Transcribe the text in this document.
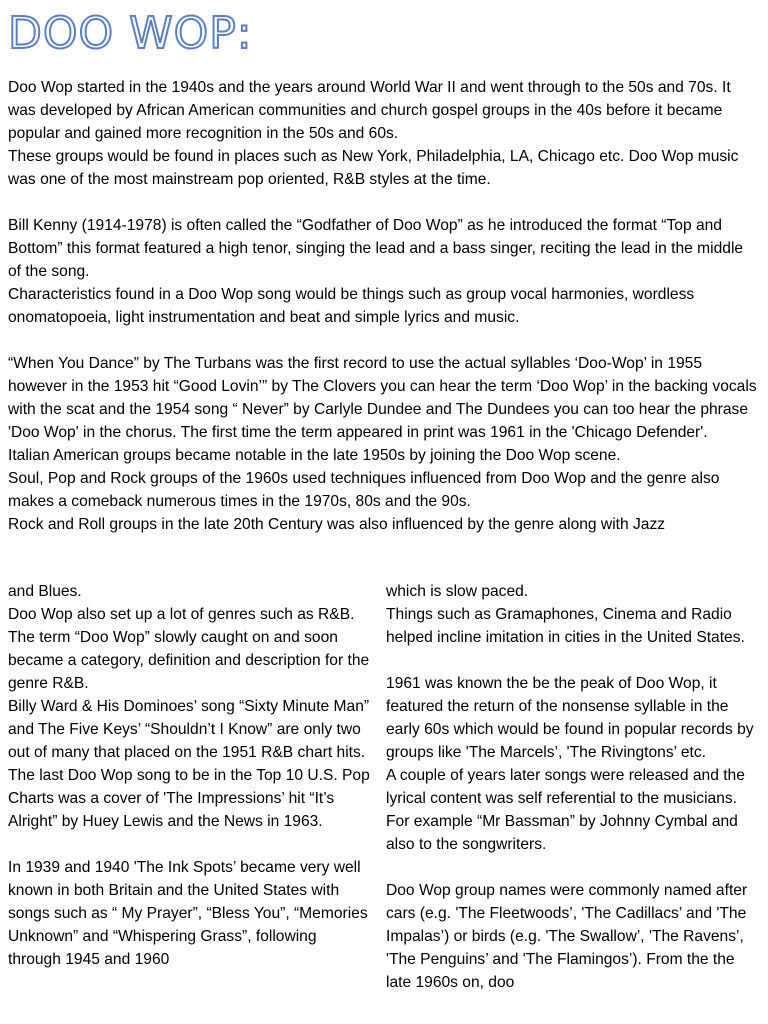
DOO WOP:

Doo Wop started in the 1940s and the years around World War II and went through to the 50s and 70s. It was developed by African American communities and church gospel groups in the 40s before it became popular and gained more recognition in the 50s and 60s.

These groups would be found in places such as New York, Philadelphia, LA, Chicago etc. Doo Wop music was one of the most mainstream pop oriented, R&B styles at the time.

Bill Kenny (1914-1978) is often called the “Godfather of Doo Wop” as he introduced the format “Top and Bottom” this format featured a high tenor, singing the lead and a bass singer, reciting the lead in the middle of the song.

Characteristics found in a Doo Wop song would be things such as group vocal harmonies, wordless onomatopoeia, light instrumentation and beat and simple lyrics and music.

“When You Dance” by The Turbans was the first record to use the actual syllables ‘Doo-Wop’ in 1955 however in the 1953 hit “Good Lovin’” by The Clovers you can hear the term ‘Doo Wop’ in the backing vocals with the scat and the 1954 song “ Never” by Carlyle Dundee and The Dundees you can too hear the phrase 'Doo Wop' in the chorus. The first time the term appeared in print was 1961 in the 'Chicago Defender'.

Italian American groups became notable in the late 1950s by joining the Doo Wop scene.

Soul, Pop and Rock groups of the 1960s used techniques influenced from Doo Wop and the genre also makes a comeback numerous times in the 1970s, 80s and the 90s.

Rock and Roll groups in the late 20th Century was also influenced by the genre along with Jazz

and Blues.

Doo Wop also set up a lot of genres such as R&B.

The term “Doo Wop” slowly caught on and soon became a category, definition and description for the genre R&B.

Billy Ward & His Dominoes’ song “Sixty Minute Man” and The Five Keys’ “Shouldn’t I Know” are only two out of many that placed on the 1951 R&B chart hits.

The last Doo Wop song to be in the Top 10 U.S. Pop Charts was a cover of 'The Impressions’ hit “It’s Alright” by Huey Lewis and the News in 1963.

In 1939 and 1940 'The Ink Spots’ became very well known in both Britain and the United States with songs such as “ My Prayer”, “Bless You”, “Memories Unknown” and “Whispering Grass”, following through 1945 and 1960

which is slow paced.

Things such as Gramaphones, Cinema and Radio helped incline imitation in cities in the United States.

1961 was known the be the peak of Doo Wop, it featured the return of the nonsense syllable in the early 60s which would be found in popular records by groups like 'The Marcels’, 'The Rivingtons’ etc.

A couple of years later songs were released and the lyrical content was self referential to the musicians. For example “Mr Bassman” by Johnny Cymbal and also to the songwriters.

Doo Wop group names were commonly named after cars (e.g. 'The Fleetwoods’, 'The Cadillacs’ and 'The Impalas’) or birds (e.g. 'The Swallow’, 'The Ravens’, 'The Penguins’ and 'The Flamingos’). From the the late 1960s on, doo
